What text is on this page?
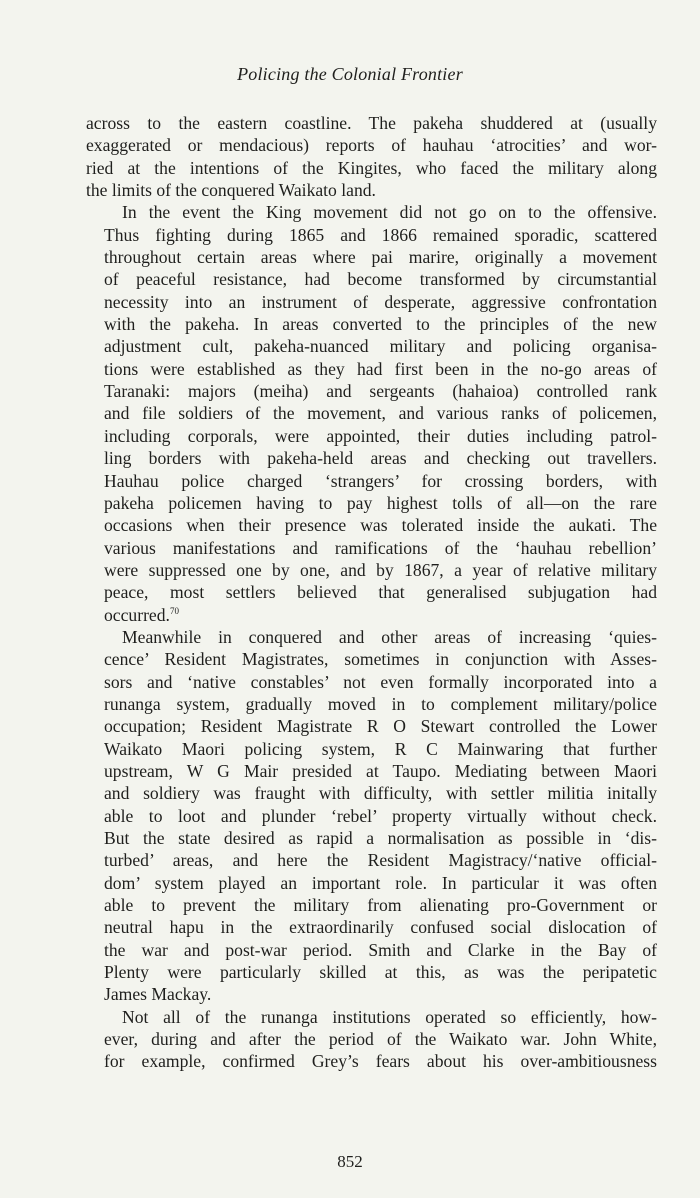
Policing the Colonial Frontier

across to the eastern coastline. The pakeha shuddered at (usually
exaggerated or mendacious) reports of hauhau ‘atrocities’ and wor-
ried at the intentions of the Kingites, who faced the military along
the limits of the conquered Waikato land.

In the event the King movement did not go on to the offensive.
Thus fighting during 1865 and 1866 remained sporadic, scattered
throughout certain areas where pai marire, originally a movement
of peaceful resistance, had become transformed by circumstantial
necessity into an instrument of desperate, aggressive confrontation
with the pakeha. In areas converted to the principles of the new
adjustment cult, pakeha-nuanced military and policing organisa-
tions were established as they had first been in the no-go areas of
Taranaki: majors (meiha) and sergeants (hahaioa) controlled rank
and file soldiers of the movement, and various ranks of policemen,
including corporals, were appointed, their duties including patrol-
ling borders with pakeha-held areas and checking out travellers.
Hauhau police charged ‘strangers’ for crossing borders, with
pakeha policemen having to pay highest tolls of all—on the rare
occasions when their presence was tolerated inside the aukati. The
various manifestations and ramifications of the ‘hauhau rebellion’
were suppressed one by one, and by 1867, a year of relative military
peace, most settlers believed that generalised subjugation had
occurred.$^{70}$

Meanwhile in conquered and other areas of increasing ‘quies-
cence’ Resident Magistrates, sometimes in conjunction with Asses-
sors and ‘native constables’ not even formally incorporated into a
runanga system, gradually moved in to complement military/police
occupation; Resident Magistrate R O Stewart controlled the Lower
Waikato Maori policing system, R C Mainwaring that further
upstream, W G Mair presided at Taupo. Mediating between Maori
and soldiery was fraught with difficulty, with settler militia initally
able to loot and plunder ‘rebel’ property virtually without check.
But the state desired as rapid a normalisation as possible in ‘dis-
turbed’ areas, and here the Resident Magistracy/‘native official-
dom’ system played an important role. In particular it was often
able to prevent the military from alienating pro-Government or
neutral hapu in the extraordinarily confused social dislocation of
the war and post-war period. Smith and Clarke in the Bay of
Plenty were particularly skilled at this, as was the peripatetic
James Mackay.

Not all of the runanga institutions operated so efficiently, how-
ever, during and after the period of the Waikato war. John White,
for example, confirmed Grey’s fears about his over-ambitiousness

852
